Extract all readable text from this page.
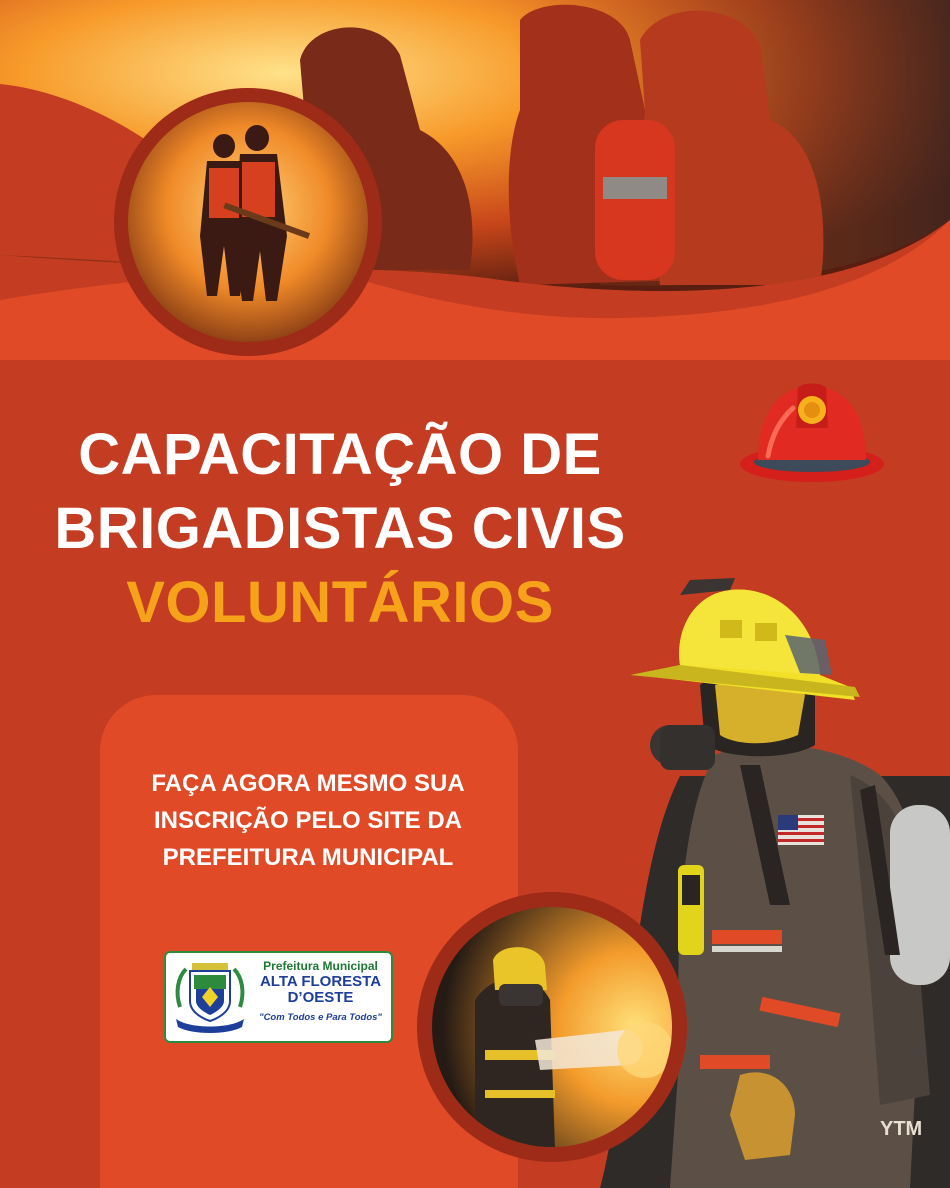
CAPACITAÇÃO DE
BRIGADISTAS CIVIS
VOLUNTÁRIOS
FAÇA AGORA MESMO SUA
INSCRIÇÃO PELO SITE DA
PREFEITURA MUNICIPAL
YTM
Prefeitura Municipal
ALTA FLORESTA
D’OESTE
"Com Todos e Para Todos"
